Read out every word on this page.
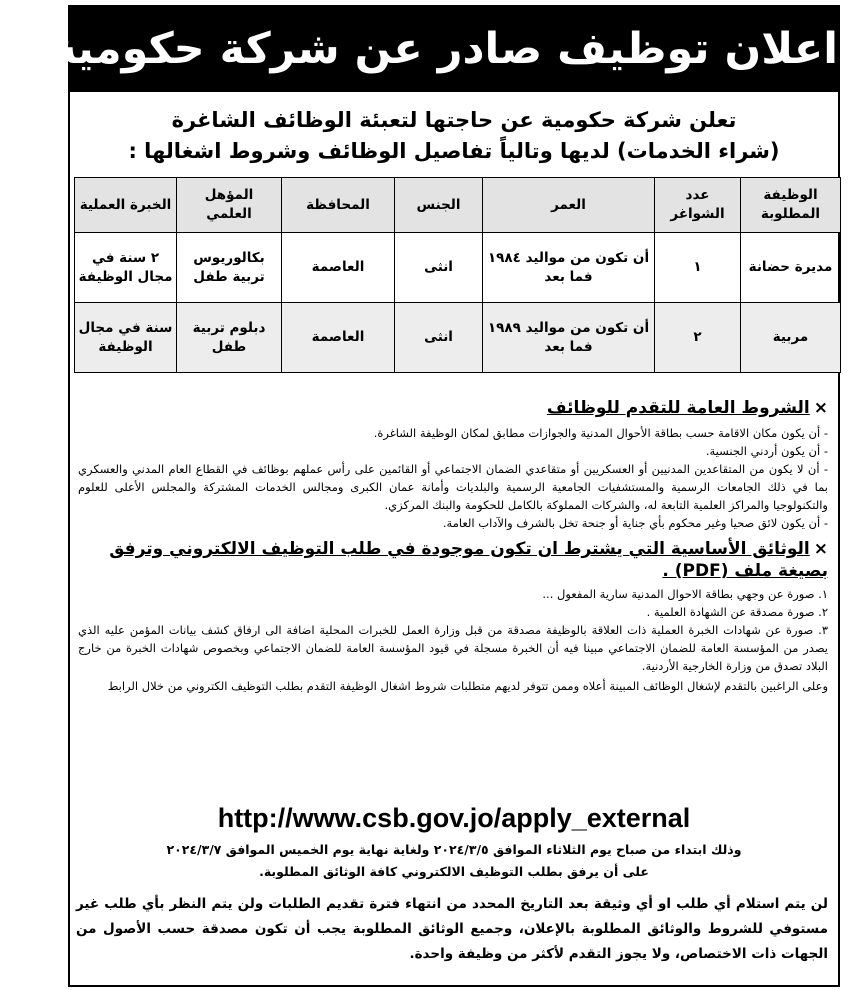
اعلان توظيف صادر عن شركة حكومية
تعلن شركة حكومية عن حاجتها لتعبئة الوظائف الشاغرة
(شراء الخدمات) لديها وتالياً تفاصيل الوظائف وشروط اشغالها :
الوظيفة المطلوبة	عدد الشواغر	العمر	الجنس	المحافظة	المؤهل العلمي	الخبرة العملية
مديرة حضانة	١	أن تكون من مواليد ١٩٨٤ فما بعد	انثى	العاصمة	بكالوريوس تربية طفل	٢ سنة في مجال الوظيفة
مربية	٢	أن تكون من مواليد ١٩٨٩ فما بعد	انثى	العاصمة	دبلوم تربية طفل	سنة في مجال الوظيفة
×الشروط العامة للتقدم للوظائف
- أن يكون مكان الاقامة حسب بطاقة الأحوال المدنية والجوازات مطابق لمكان الوظيفة الشاغرة.
- أن يكون أردني الجنسية.
- أن لا يكون من المتقاعدين المدنيين أو العسكريين أو متقاعدي الضمان الاجتماعي أو القائمين على رأس عملهم بوظائف في القطاع العام المدني والعسكري بما في ذلك الجامعات الرسمية والمستشفيات الجامعية الرسمية والبلديات وأمانة عمان الكبرى ومجالس الخدمات المشتركة والمجلس الأعلى للعلوم والتكنولوجيا والمراكز العلمية التابعة له، والشركات المملوكة بالكامل للحكومة والبنك المركزي.
- أن يكون لائق صحيا وغير محكوم بأي جناية أو جنحة تخل بالشرف والآداب العامة.
×الوثائق الأساسية التي يشترط ان تكون موجودة في طلب التوظيف الالكتروني وترفق بصيغة ملف (PDF) .
١. صورة عن وجهي بطاقة الاحوال المدنية سارية المفعول ...
٢. صورة مصدقة عن الشهادة العلمية .
٣. صورة عن شهادات الخبرة العملية ذات العلاقة بالوظيفة مصدقة من قبل وزارة العمل للخبرات المحلية اضافة الى ارفاق كشف بيانات المؤمن عليه الذي يصدر من المؤسسة العامة للضمان الاجتماعي مبينا فيه أن الخبرة مسجلة في قيود المؤسسة العامة للضمان الاجتماعي وبخصوص شهادات الخبرة من خارج البلاد تصدق من وزارة الخارجية الأردنية.
وعلى الراغبين بالتقدم لإشغال الوظائف المبينة أعلاه وممن تتوفر لديهم متطلبات شروط اشغال الوظيفة التقدم بطلب التوظيف الكتروني من خلال الرابط
http://www.csb.gov.jo/apply_external
وذلك ابتداء من صباح يوم الثلاثاء الموافق ٢٠٢٤/٣/٥ ولغاية نهاية يوم الخميس الموافق ٢٠٢٤/٣/٧
على أن يرفق بطلب التوظيف الالكتروني كافة الوثائق المطلوبة.
لن يتم استلام أي طلب او أي وثيقة بعد التاريخ المحدد من انتهاء فترة تقديم الطلبات ولن يتم النظر بأي طلب غير مستوفي للشروط والوثائق المطلوبة بالإعلان، وجميع الوثائق المطلوبة يجب أن تكون مصدقة حسب الأصول من الجهات ذات الاختصاص، ولا يجوز التقدم لأكثر من وظيفة واحدة.
